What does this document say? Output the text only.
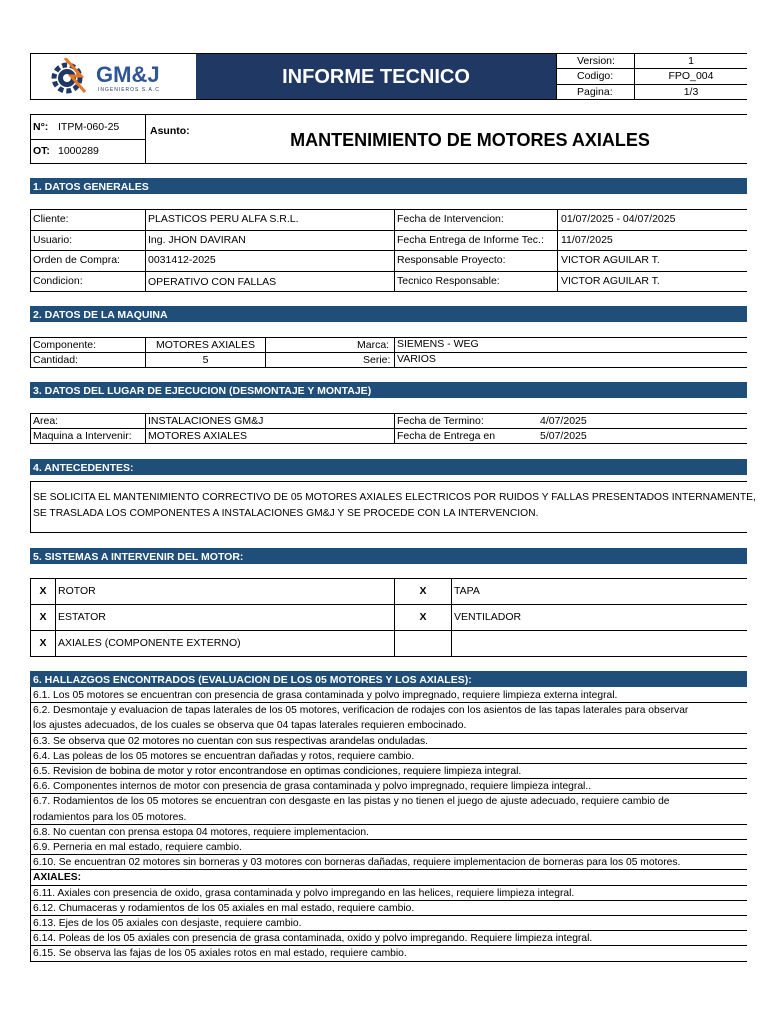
GM&J
INGENIEROS S.A.C
INFORME TECNICO
Version:	1
Codigo:	FPO_004
Pagina:	1/3
N°: ITPM-060-25
OT: 1000289
Asunto:	MANTENIMIENTO DE MOTORES AXIALES
1. DATOS GENERALES
Cliente:	PLASTICOS PERU ALFA S.R.L.	Fecha de Intervencion:	01/07/2025 - 04/07/2025
Usuario:	Ing. JHON DAVIRAN	Fecha Entrega de Informe Tec.: 11/07/2025
Orden de Compra:	0031412-2025	Responsable Proyecto:	VICTOR AGUILAR T.
Condicion:	OPERATIVO CON FALLAS	Tecnico Responsable:	VICTOR AGUILAR T.
2. DATOS DE LA MAQUINA
Componente:	MOTORES AXIALES	Marca: SIEMENS - WEG
Cantidad:	5	Serie: VARIOS
3. DATOS DEL LUGAR DE EJECUCION (DESMONTAJE Y MONTAJE)
Area:	INSTALACIONES GM&J	Fecha de Termino:	4/07/2025
Maquina a Intervenir: MOTORES AXIALES	Fecha de Entrega en	5/07/2025
4. ANTECEDENTES:
SE SOLICITA EL MANTENIMIENTO CORRECTIVO DE 05 MOTORES AXIALES ELECTRICOS POR RUIDOS Y FALLAS PRESENTADOS INTERNAMENTE,
SE TRASLADA LOS COMPONENTES A INSTALACIONES GM&J Y SE PROCEDE CON LA INTERVENCION.
5. SISTEMAS A INTERVENIR DEL MOTOR:
X	ROTOR	X	TAPA
X	ESTATOR	X	VENTILADOR
X	AXIALES (COMPONENTE EXTERNO)
6. HALLAZGOS ENCONTRADOS (EVALUACION DE LOS 05 MOTORES Y LOS AXIALES):
6.1. Los 05 motores se encuentran con presencia de grasa contaminada y polvo impregnado, requiere limpieza externa integral.
6.2. Desmontaje y evaluacion de tapas laterales de los 05 motores, verificacion de rodajes con los asientos de las tapas laterales para observar
los ajustes adecuados, de los cuales se observa que 04 tapas laterales requieren embocinado.
6.3. Se observa que 02 motores no cuentan con sus respectivas arandelas onduladas.
6.4. Las poleas de los 05 motores se encuentran dañadas y rotos, requiere cambio.
6.5. Revision de bobina de motor y rotor encontrandose en optimas condiciones, requiere limpieza integral.
6.6. Componentes internos de motor con presencia de grasa contaminada y polvo impregnado, requiere limpieza integral..
6.7. Rodamientos de los 05 motores se encuentran con desgaste en las pistas y no tienen el juego de ajuste adecuado, requiere cambio de
rodamientos para los 05 motores.
6.8. No cuentan con prensa estopa 04 motores, requiere implementacion.
6.9. Perneria en mal estado, requiere cambio.
6.10. Se encuentran 02 motores sin borneras y 03 motores con borneras dañadas, requiere implementacion de borneras para los 05 motores.
AXIALES:
6.11. Axiales con presencia de oxido, grasa contaminada y polvo impregando en las helices, requiere limpieza integral.
6.12. Chumaceras y rodamientos de los 05 axiales en mal estado, requiere cambio.
6.13. Ejes de los 05 axiales con desjaste, requiere cambio.
6.14. Poleas de los 05 axiales con presencia de grasa contaminada, oxido y polvo impregando. Requiere limpieza integral.
6.15. Se observa las fajas de los 05 axiales rotos en mal estado, requiere cambio.
